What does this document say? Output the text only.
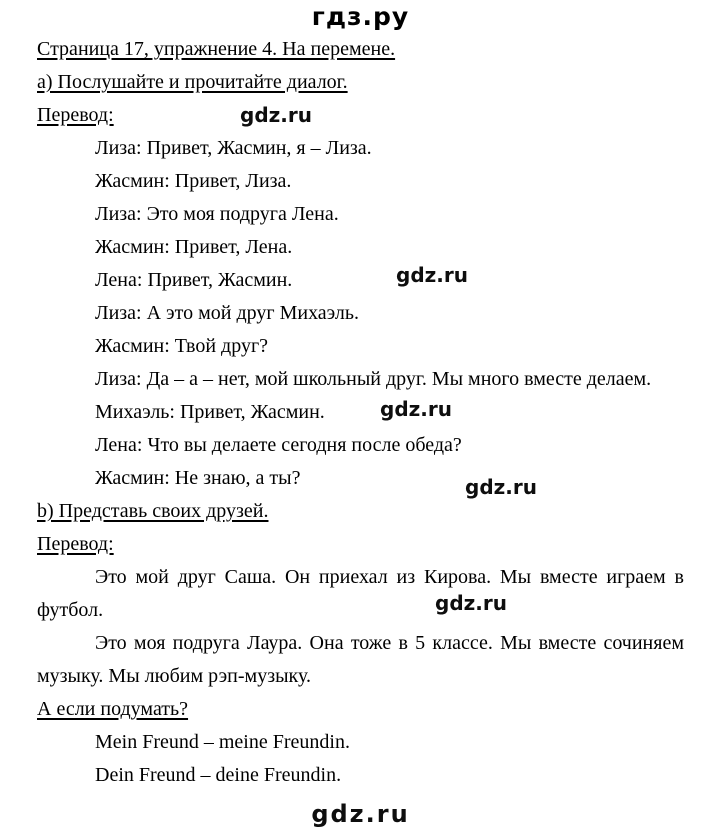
гдз.ру
Страница 17, упражнение 4. На перемене.
а) Послушайте и прочитайте диалог.
Перевод:
Лиза: Привет, Жасмин, я – Лиза.
Жасмин: Привет, Лиза.
Лиза: Это моя подруга Лена.
Жасмин: Привет, Лена.
Лена: Привет, Жасмин.
Лиза: А это мой друг Михаэль.
Жасмин: Твой друг?
Лиза: Да – а – нет, мой школьный друг. Мы много вместе делаем.
Михаэль: Привет, Жасмин.
Лена: Что вы делаете сегодня после обеда?
Жасмин: Не знаю, а ты?
b) Представь своих друзей.
Перевод:
Это мой друг Саша. Он приехал из Кирова. Мы вместе играем в
футбол.
Это моя подруга Лаура. Она тоже в 5 классе. Мы вместе сочиняем
музыку. Мы любим рэп-музыку.
А если подумать?
Mein Freund – meine Freundin.
Dein Freund – deine Freundin.
gdz.ru
gdz.ru
gdz.ru
gdz.ru
gdz.ru
gdz.ru
